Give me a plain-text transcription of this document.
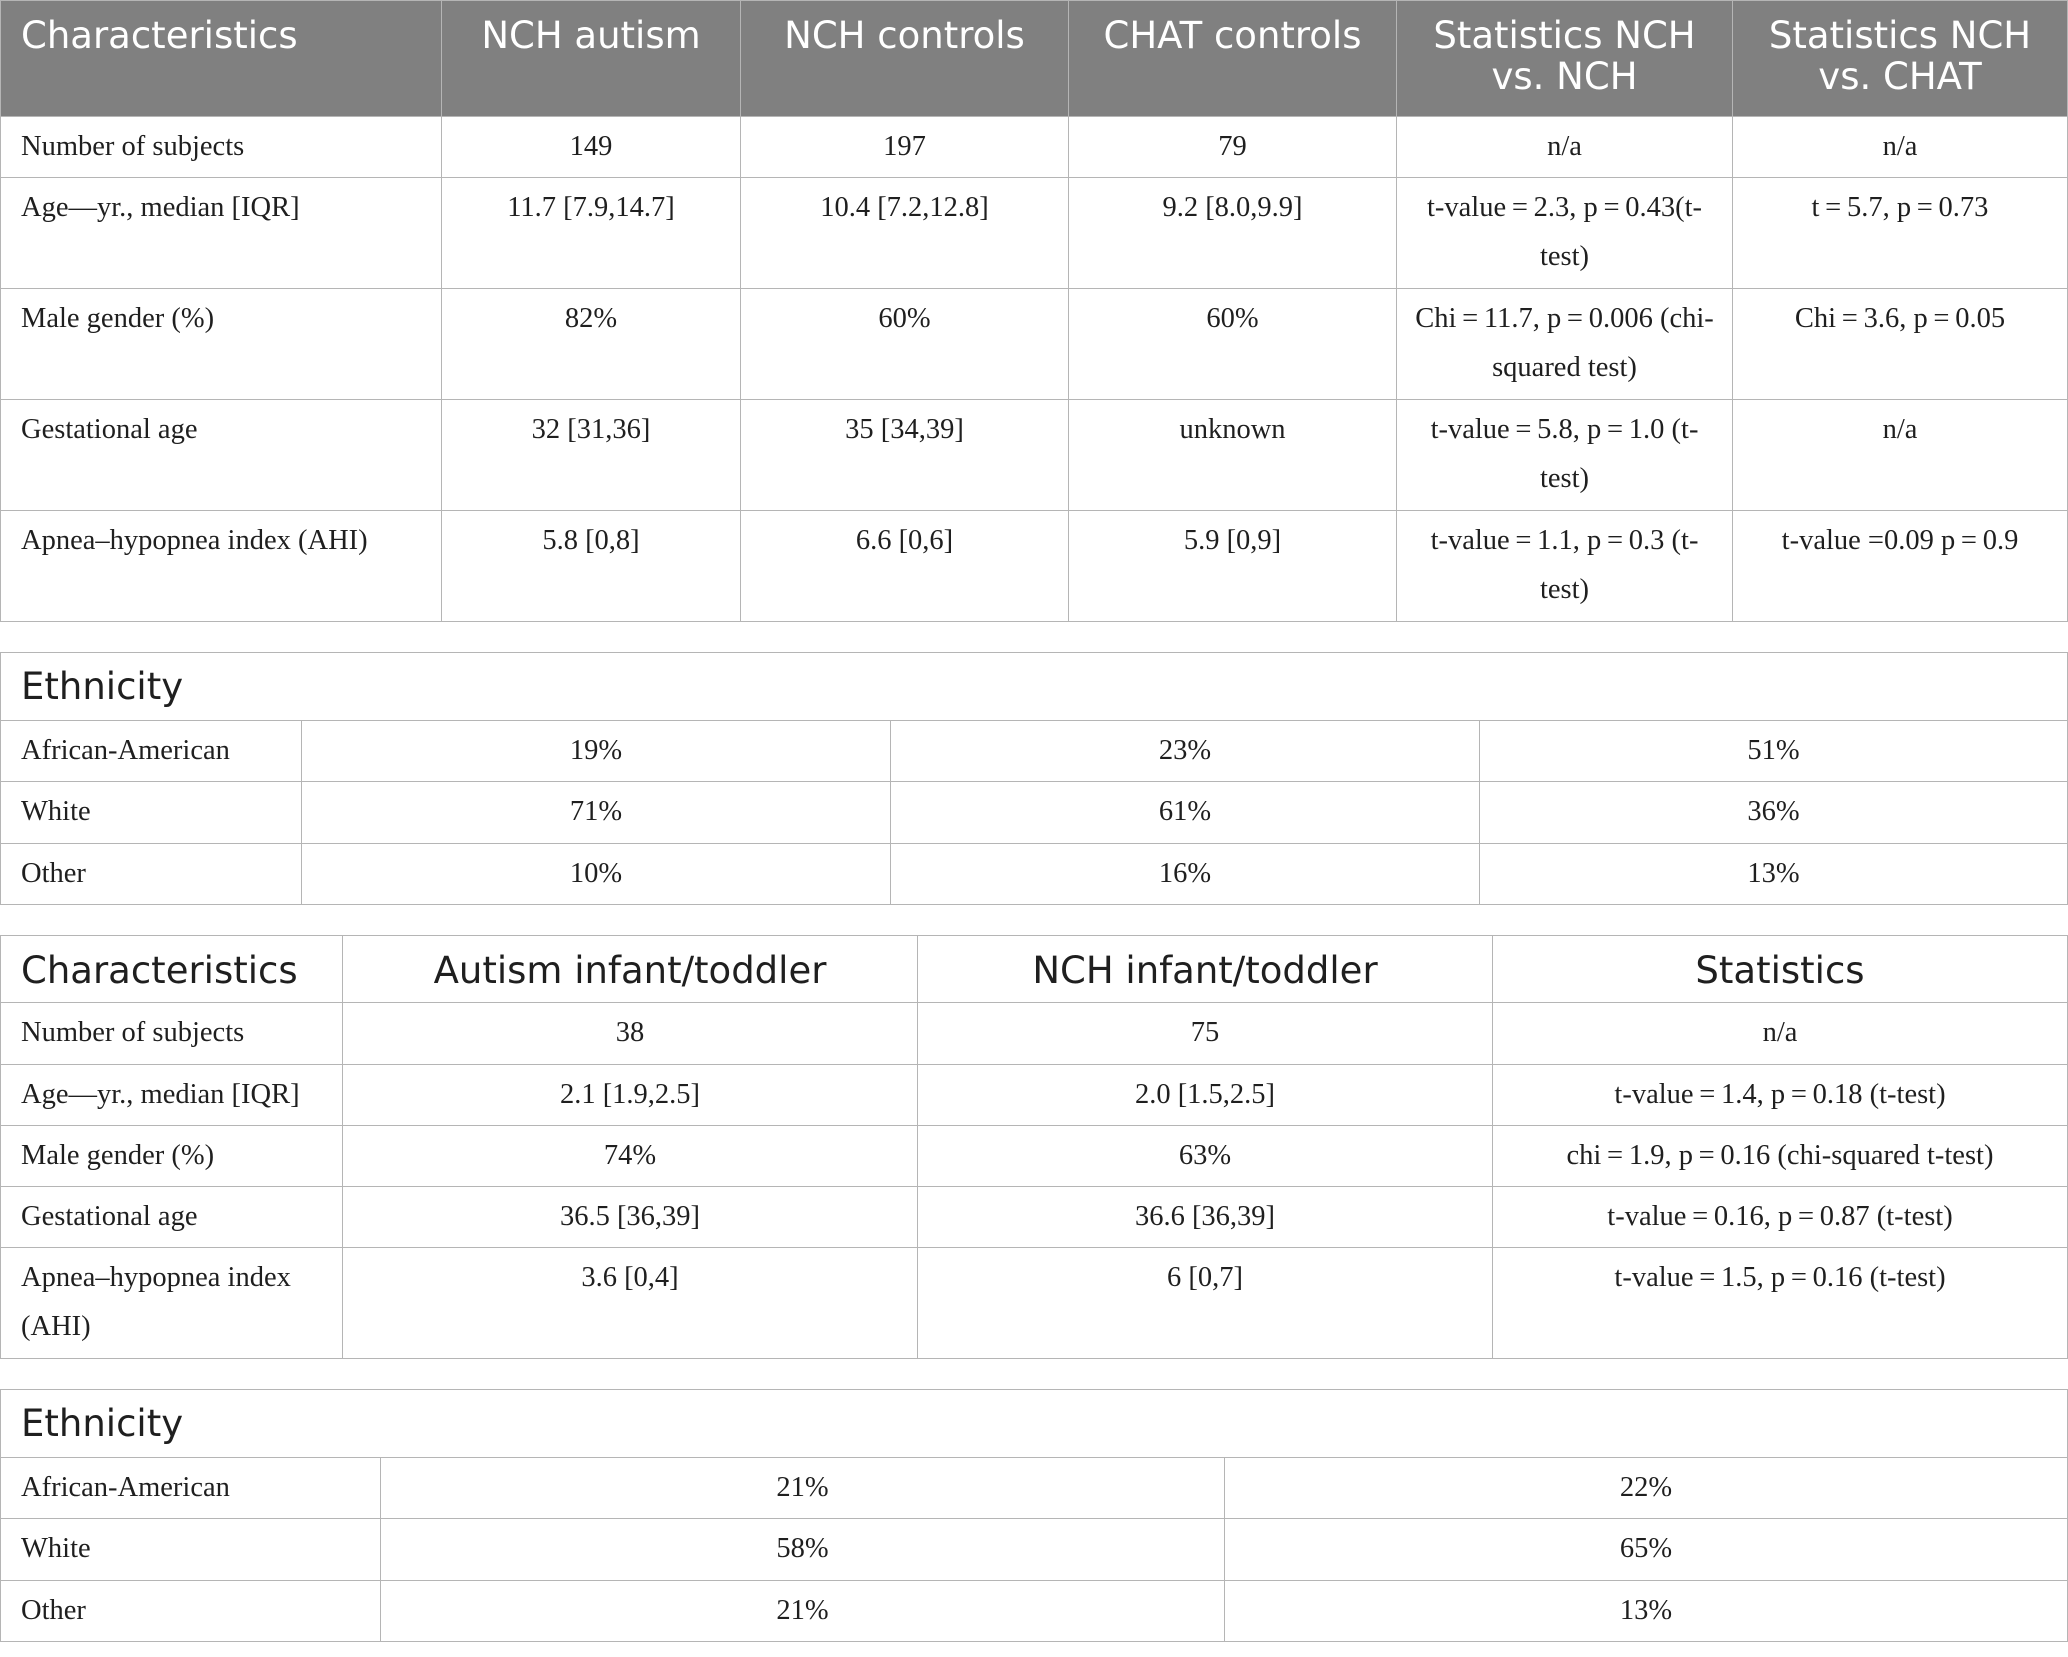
Characteristics	NCH autism	NCH controls	CHAT controls	Statistics NCH vs. NCH	Statistics NCH vs. CHAT
Number of subjects	149	197	79	n/a	n/a
Age—yr., median [IQR]	11.7 [7.9,14.7]	10.4 [7.2,12.8]	9.2 [8.0,9.9]	t-value = 2.3, p = 0.43(t-test)	t = 5.7, p = 0.73
Male gender (%)	82%	60%	60%	Chi = 11.7, p = 0.006 (chi-squared test)	Chi = 3.6, p = 0.05
Gestational age	32 [31,36]	35 [34,39]	unknown	t-value = 5.8, p = 1.0 (t-test)	n/a
Apnea–hypopnea index (AHI)	5.8 [0,8]	6.6 [0,6]	5.9 [0,9]	t-value = 1.1, p = 0.3 (t-test)	t-value =0.09 p = 0.9
Ethnicity			
African-American	19%	23%	51%
White	71%	61%	36%
Other	10%	16%	13%
Characteristics	Autism infant/toddler	NCH infant/toddler	Statistics
Number of subjects	38	75	n/a
Age—yr., median [IQR]	2.1 [1.9,2.5]	2.0 [1.5,2.5]	t-value = 1.4, p = 0.18 (t-test)
Male gender (%)	74%	63%	chi = 1.9, p = 0.16 (chi-squared t-test)
Gestational age	36.5 [36,39]	36.6 [36,39]	t-value = 0.16, p = 0.87 (t-test)
Apnea–hypopnea index (AHI)	3.6 [0,4]	6 [0,7]	t-value = 1.5, p = 0.16 (t-test)
Ethnicity		
African-American	21%	22%
White	58%	65%
Other	21%	13%
